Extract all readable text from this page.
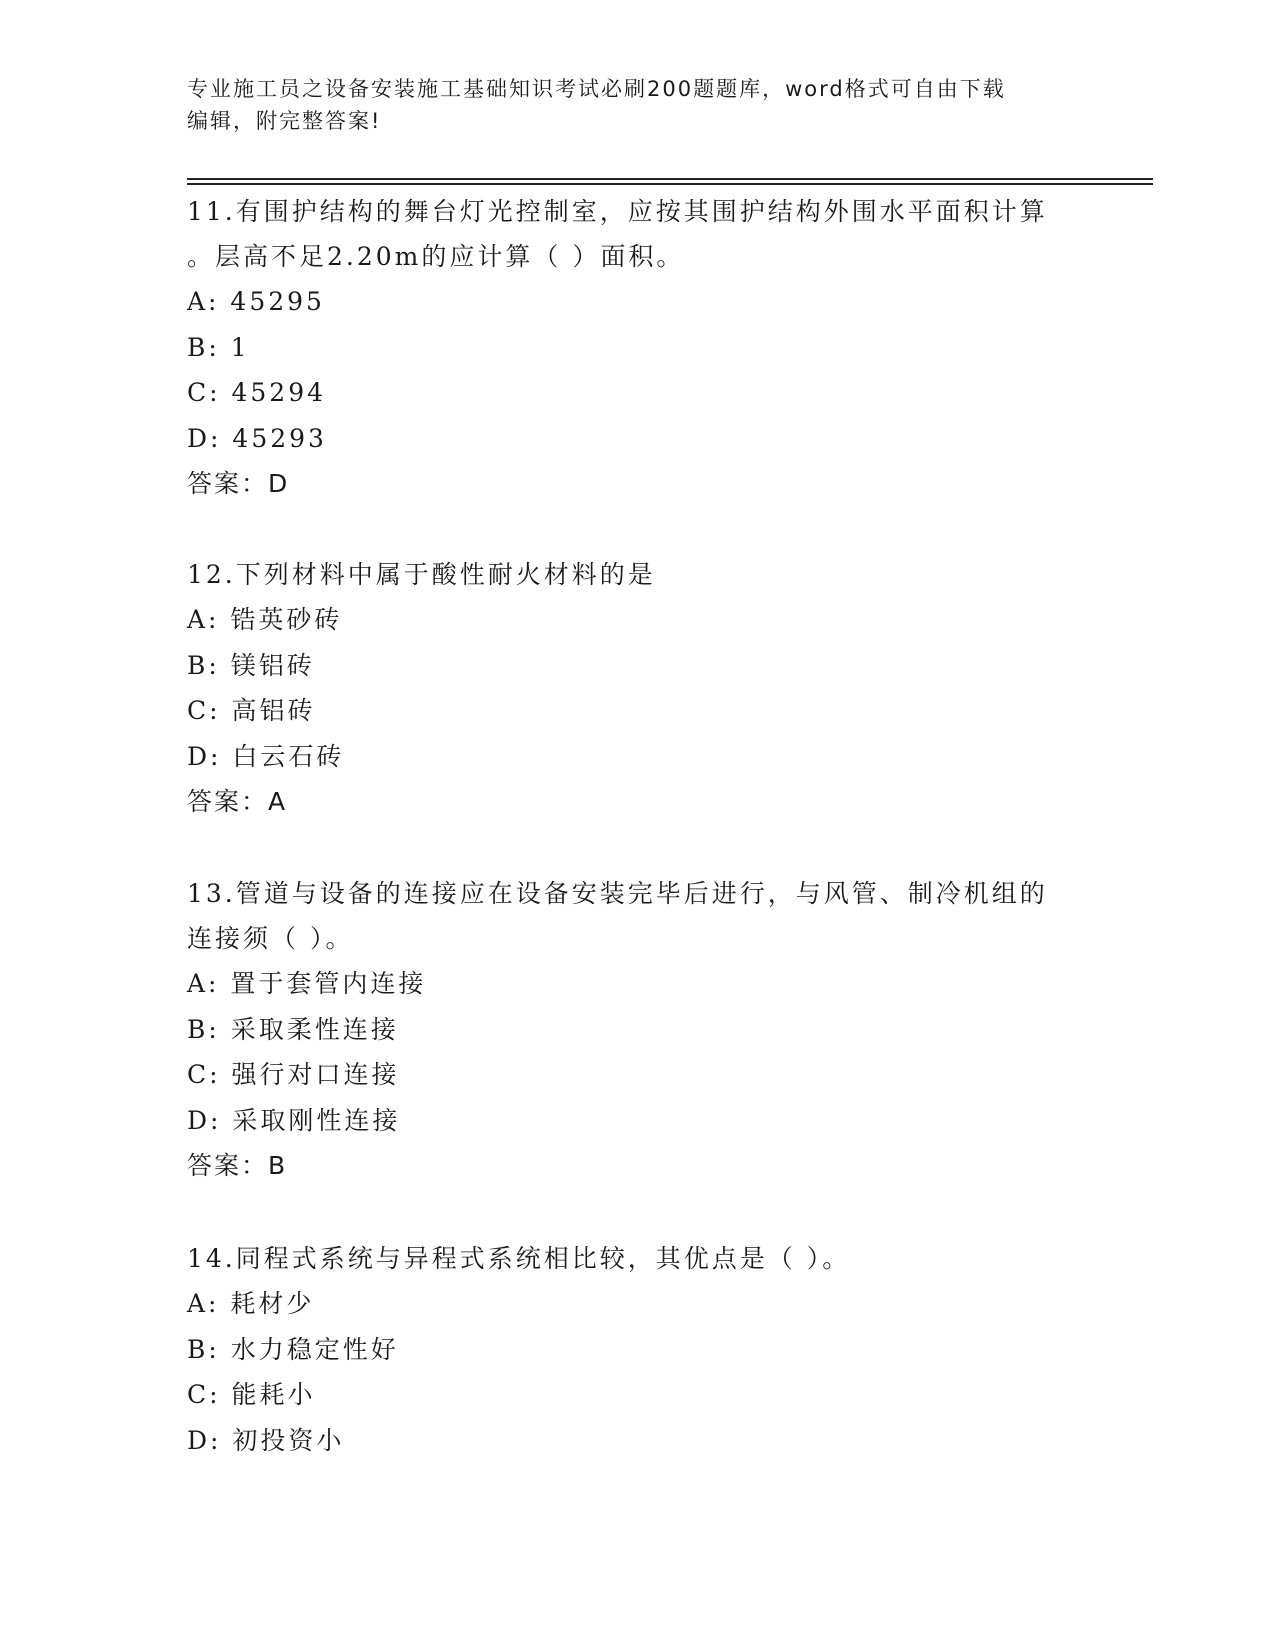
专业施工员之设备安装施工基础知识考试必刷200题题库，word格式可自由下载
编辑，附完整答案!
11.有围护结构的舞台灯光控制室，应按其围护结构外围水平面积计算
。层高不足2.20m的应计算（ ）面积。
A: 45295
B: 1
C: 45294
D: 45293
答案：D
12.下列材料中属于酸性耐火材料的是
A: 锆英砂砖
B: 镁铝砖
C: 高铝砖
D: 白云石砖
答案：A
13.管道与设备的连接应在设备安装完毕后进行，与风管、制冷机组的
连接须（ ）。
A: 置于套管内连接
B: 采取柔性连接
C: 强行对口连接
D: 采取刚性连接
答案：B
14.同程式系统与异程式系统相比较，其优点是（ ）。
A: 耗材少
B: 水力稳定性好
C: 能耗小
D: 初投资小
